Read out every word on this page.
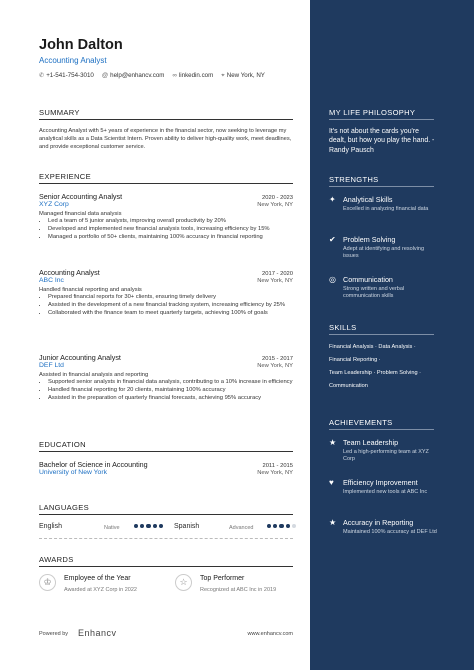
John Dalton
Accounting Analyst
✆ +1-541-754-3010 @ help@enhancv.com ∞ linkedin.com ⌖ New York, NY
SUMMARY
Accounting Analyst with 5+ years of experience in the financial sector, now seeking to leverage my analytical skills as a Data Scientist Intern. Proven ability to deliver high-quality work, meet deadlines, and provide exceptional customer service.
EXPERIENCE
Senior Accounting Analyst	2020 - 2023
XYZ Corp	New York, NY
Managed financial data analysis
• Led a team of 5 junior analysts, improving overall productivity by 20%
• Developed and implemented new financial analysis tools, increasing efficiency by 15%
• Managed a portfolio of 50+ clients, maintaining 100% accuracy in financial reporting
Accounting Analyst	2017 - 2020
ABC Inc	New York, NY
Handled financial reporting and analysis
• Prepared financial reports for 30+ clients, ensuring timely delivery
• Assisted in the development of a new financial tracking system, increasing efficiency by 25%
• Collaborated with the finance team to meet quarterly targets, achieving 100% of goals
Junior Accounting Analyst	2015 - 2017
DEF Ltd	New York, NY
Assisted in financial analysis and reporting
• Supported senior analysts in financial data analysis, contributing to a 10% increase in efficiency
• Handled financial reporting for 20 clients, maintaining 100% accuracy
• Assisted in the preparation of quarterly financial forecasts, achieving 95% accuracy
EDUCATION
Bachelor of Science in Accounting	2011 - 2015
University of New York	New York, NY
LANGUAGES
English	Native	Spanish	Advanced
AWARDS
♔	Employee of the Year
Awarded at XYZ Corp in 2022
☆	Top Performer
Recognized at ABC Inc in 2019
Powered by Enhancv	www.enhancv.com
MY LIFE PHILOSOPHY
It's not about the cards you're dealt, but how you play the hand. - Randy Pausch
STRENGTHS
✦ Analytical Skills
Excelled in analyzing financial data
✔ Problem Solving
Adept at identifying and resolving issues
◎ Communication
Strong written and verbal communication skills
SKILLS
Financial Analysis · Data Analysis ·
Financial Reporting ·
Team Leadership · Problem Solving ·
Communication
ACHIEVEMENTS
★ Team Leadership
Led a high-performing team at XYZ Corp
♥ Efficiency Improvement
Implemented new tools at ABC Inc
★ Accuracy in Reporting
Maintained 100% accuracy at DEF Ltd
